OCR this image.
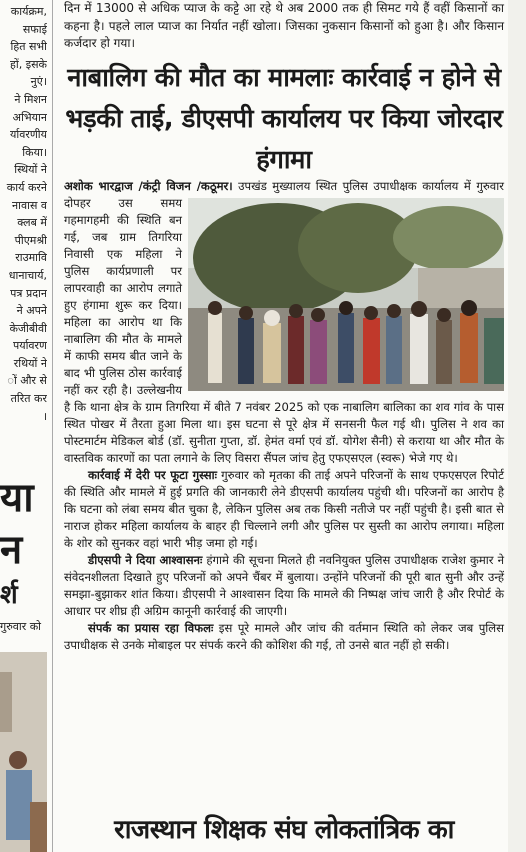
कार्यक्रम,
सफाई
हित सभी
हों, इसके
नुएं।
ने मिशन
अभियान
र्यावरणीय
किया।
स्थियों ने
कार्य करने
नावास व
क्लब में
पीएमश्री
राउमावि
धानाचार्य,
पत्र प्रदान
ने अपने
केजीबीवी
पर्यावरण
रथियों ने
ों और से
तरित कर
।
या
न
र्श
गुरुवार को
दिन में 13000 से अधिक प्याज के कट्टे आ रहे थे अब 2000 तक ही सिमट गये हैं वहीं किसानों का कहना है। पहले लाल प्याज का निर्यात नहीं खोला। जिसका नुकसान किसानों को हुआ है। और किसान कर्जदार हो गया।
नाबालिग की मौत का मामलाः कार्रवाई न होने से भड़की ताई, डीएसपी कार्यालय पर किया जोरदार हंगामा

अशोक भारद्वाज /कंट्री विजन /कठूमर। उपखंड मुख्यालय स्थित पुलिस उपाधीक्षक कार्यालय में गुरुवार दोपहर उस समय गहमागहमी की स्थिति बन गई, जब ग्राम तिगरिया निवासी एक महिला ने पुलिस कार्यप्रणाली पर लापरवाही का आरोप लगाते हुए हंगामा शुरू कर दिया। महिला का आरोप था कि नाबालिग की मौत के मामले में काफी समय बीत जाने के बाद भी पुलिस ठोस कार्रवाई नहीं कर रही है। उल्लेखनीय है कि थाना क्षेत्र के ग्राम तिगरिया में बीते 7 नवंबर 2025 को एक नाबालिग बालिका का शव गांव के पास स्थित पोखर में तैरता हुआ मिला था। इस घटना से पूरे क्षेत्र में सनसनी फैल गई थी। पुलिस ने शव का पोस्टमार्टम मेडिकल बोर्ड (डॉ. सुनीता गुप्ता, डॉ. हेमंत वर्मा एवं डॉ. योगेश सैनी) से कराया था और मौत के वास्तविक कारणों का पता लगाने के लिए विसरा सैंपल जांच हेतु एफएसएल (स्वरू) भेजे गए थे।

कार्रवाई में देरी पर फूटा गुस्साः गुरुवार को मृतका की ताई अपने परिजनों के साथ एफएसएल रिपोर्ट की स्थिति और मामले में हुई प्रगति की जानकारी लेने डीएसपी कार्यालय पहुंची थी। परिजनों का आरोप है कि घटना को लंबा समय बीत चुका है, लेकिन पुलिस अब तक किसी नतीजे पर नहीं पहुंची है। इसी बात से नाराज होकर महिला कार्यालय के बाहर ही चिल्लाने लगी और पुलिस पर सुस्ती का आरोप लगाया। महिला के शोर को सुनकर वहां भारी भीड़ जमा हो गई।

डीएसपी ने दिया आश्वासनः हंगामे की सूचना मिलते ही नवनियुक्त पुलिस उपाधीक्षक राजेश कुमार ने संवेदनशीलता दिखाते हुए परिजनों को अपने चैंबर में बुलाया। उन्होंने परिजनों की पूरी बात सुनी और उन्हें समझा-बुझाकर शांत किया। डीएसपी ने आश्वासन दिया कि मामले की निष्पक्ष जांच जारी है और रिपोर्ट के आधार पर शीघ्र ही अग्रिम कानूनी कार्रवाई की जाएगी।

संपर्क का प्रयास रहा विफलः इस पूरे मामले और जांच की वर्तमान स्थिति को लेकर जब पुलिस उपाधीक्षक से उनके मोबाइल पर संपर्क करने की कोशिश की गई, तो उनसे बात नहीं हो सकी।

राजस्थान शिक्षक संघ लोकतांत्रिक का
